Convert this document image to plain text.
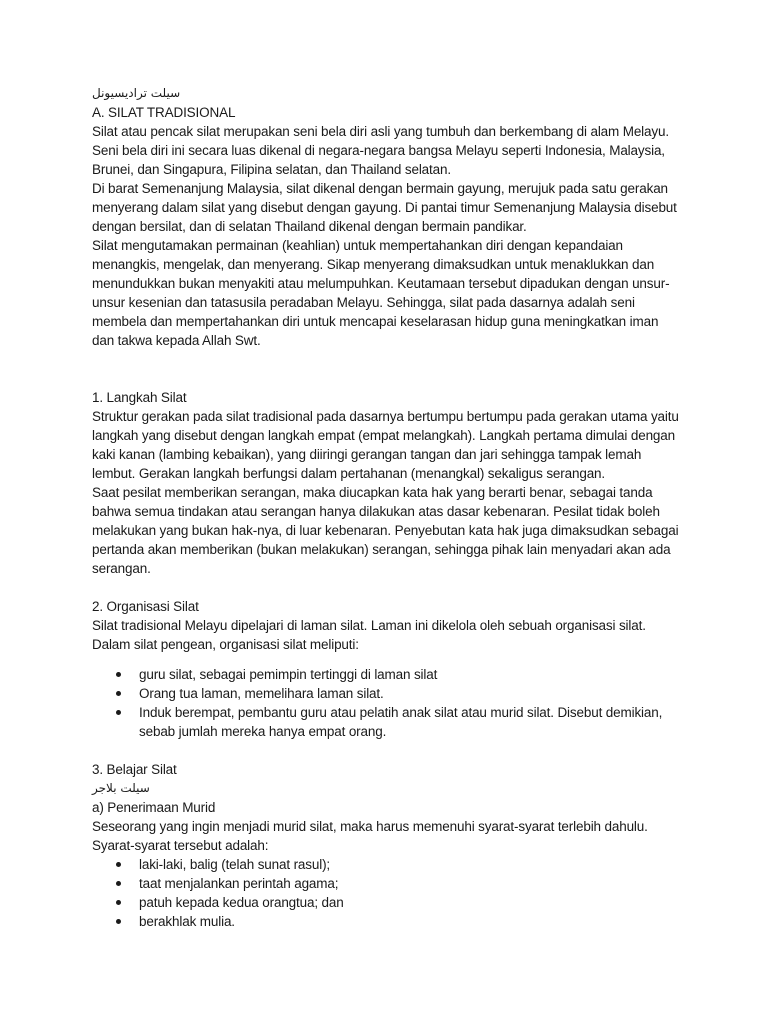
سيلت ترادیسیونل

A. SILAT TRADISIONAL

Silat atau pencak silat merupakan seni bela diri asli yang tumbuh dan berkembang di alam Melayu. Seni bela diri ini secara luas dikenal di negara-negara bangsa Melayu seperti Indonesia, Malaysia, Brunei, dan Singapura, Filipina selatan, dan Thailand selatan.

Di barat Semenanjung Malaysia, silat dikenal dengan bermain gayung, merujuk pada satu gerakan menyerang dalam silat yang disebut dengan gayung. Di pantai timur Semenanjung Malaysia disebut dengan bersilat, dan di selatan Thailand dikenal dengan bermain pandikar.

Silat mengutamakan permainan (keahlian) untuk mempertahankan diri dengan kepandaian menangkis, mengelak, dan menyerang. Sikap menyerang dimaksudkan untuk menaklukkan dan menundukkan bukan menyakiti atau melumpuhkan. Keutamaan tersebut dipadukan dengan unsur-unsur kesenian dan tatasusila peradaban Melayu. Sehingga, silat pada dasarnya adalah seni membela dan mempertahankan diri untuk mencapai keselarasan hidup guna meningkatkan iman dan takwa kepada Allah Swt.

1. Langkah Silat

Struktur gerakan pada silat tradisional pada dasarnya bertumpu bertumpu pada gerakan utama yaitu langkah yang disebut dengan langkah empat (empat melangkah). Langkah pertama dimulai dengan kaki kanan (lambing kebaikan), yang diiringi gerangan tangan dan jari sehingga tampak lemah lembut. Gerakan langkah berfungsi dalam pertahanan (menangkal) sekaligus serangan.

Saat pesilat memberikan serangan, maka diucapkan kata hak yang berarti benar, sebagai tanda bahwa semua tindakan atau serangan hanya dilakukan atas dasar kebenaran. Pesilat tidak boleh melakukan yang bukan hak-nya, di luar kebenaran. Penyebutan kata hak juga dimaksudkan sebagai pertanda akan memberikan (bukan melakukan) serangan, sehingga pihak lain menyadari akan ada serangan.

2. Organisasi Silat

Silat tradisional Melayu dipelajari di laman silat. Laman ini dikelola oleh sebuah organisasi silat. Dalam silat pengean, organisasi silat meliputi:

guru silat, sebagai pemimpin tertinggi di laman silat
Orang tua laman, memelihara laman silat.
Induk berempat, pembantu guru atau pelatih anak silat atau murid silat. Disebut demikian, sebab jumlah mereka hanya empat orang.

3. Belajar Silat

سيلت بلاجر

a) Penerimaan Murid

Seseorang yang ingin menjadi murid silat, maka harus memenuhi syarat-syarat terlebih dahulu. Syarat-syarat tersebut adalah:

laki-laki, balig (telah sunat rasul);
taat menjalankan perintah agama;
patuh kepada kedua orangtua; dan
berakhlak mulia.
